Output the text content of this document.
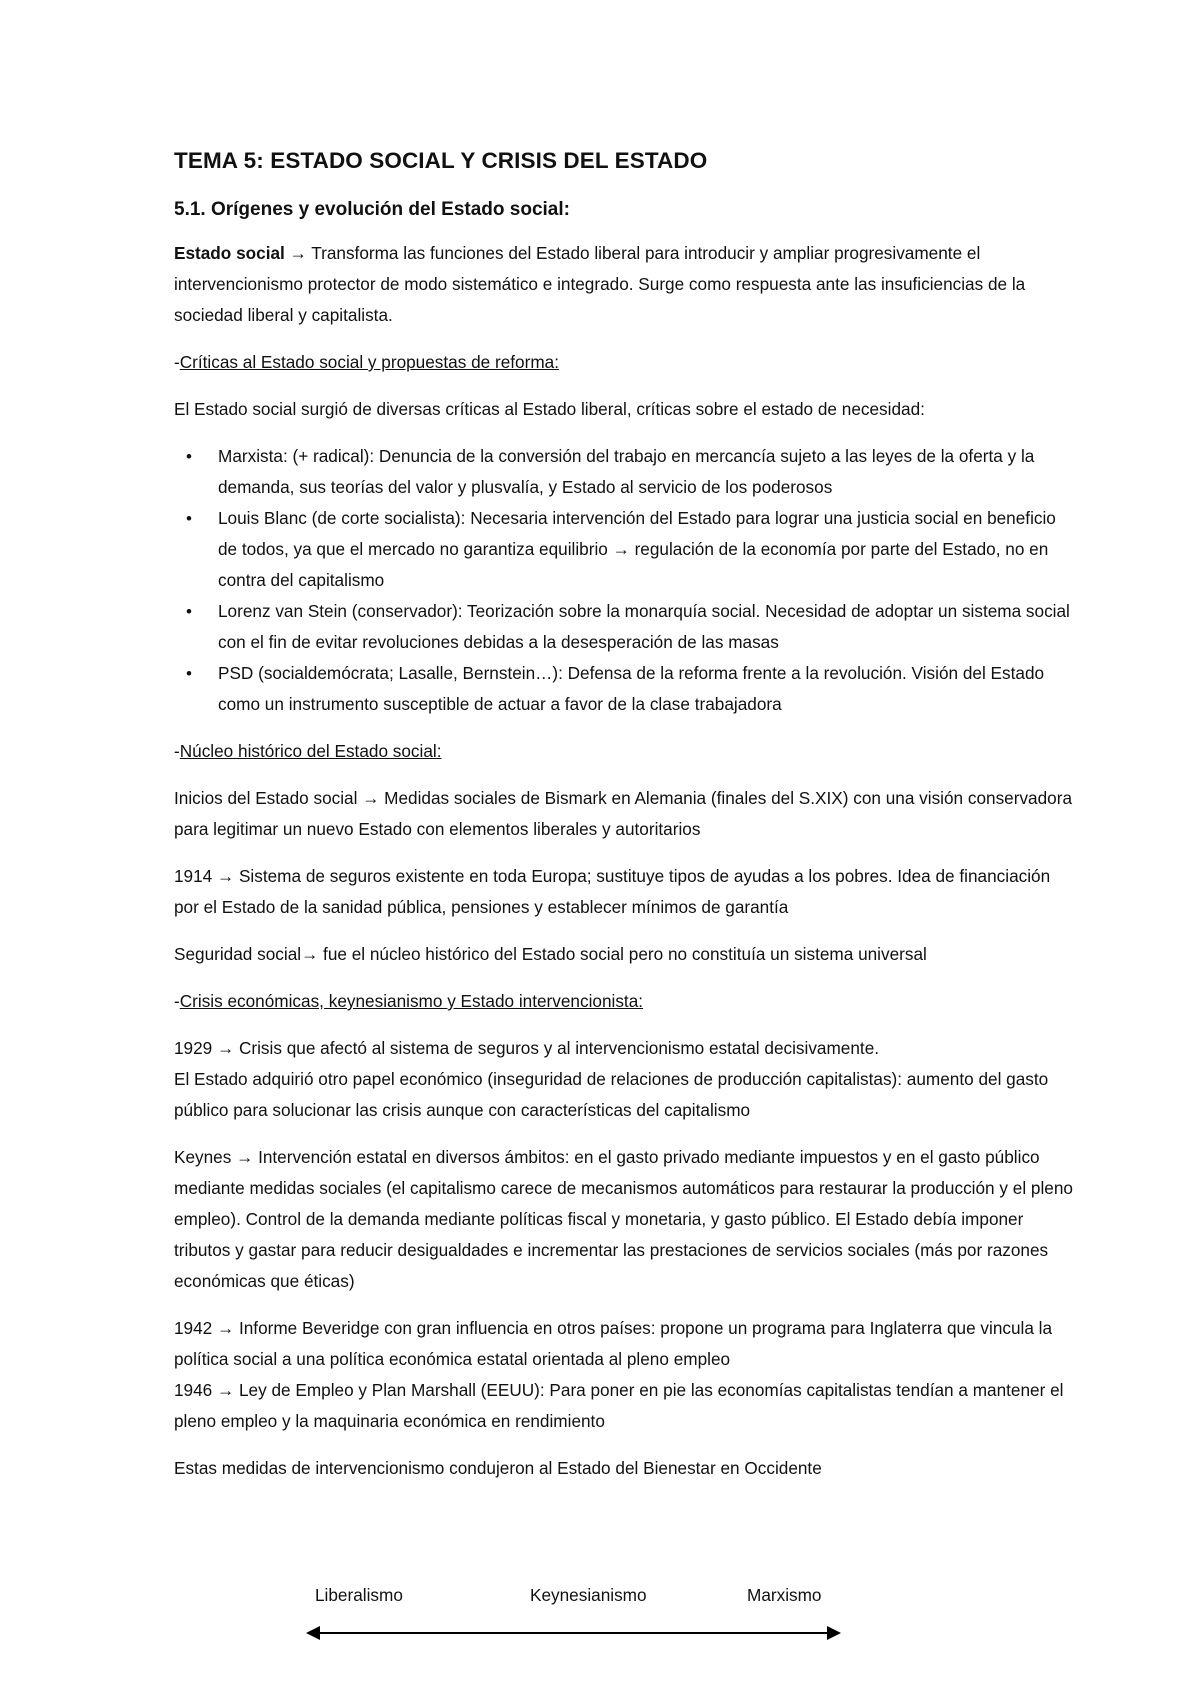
TEMA 5: ESTADO SOCIAL Y CRISIS DEL ESTADO
5.1. Orígenes y evolución del Estado social:

Estado social → Transforma las funciones del Estado liberal para introducir y ampliar progresivamente el intervencionismo protector de modo sistemático e integrado. Surge como respuesta ante las insuficiencias de la sociedad liberal y capitalista.

-Críticas al Estado social y propuestas de reforma:

El Estado social surgió de diversas críticas al Estado liberal, críticas sobre el estado de necesidad:

• Marxista: (+ radical): Denuncia de la conversión del trabajo en mercancía sujeto a las leyes de la oferta y la demanda, sus teorías del valor y plusvalía, y Estado al servicio de los poderosos
• Louis Blanc (de corte socialista): Necesaria intervención del Estado para lograr una justicia social en beneficio de todos, ya que el mercado no garantiza equilibrio → regulación de la economía por parte del Estado, no en contra del capitalismo
• Lorenz van Stein (conservador): Teorización sobre la monarquía social. Necesidad de adoptar un sistema social con el fin de evitar revoluciones debidas a la desesperación de las masas
• PSD (socialdemócrata; Lasalle, Bernstein…): Defensa de la reforma frente a la revolución. Visión del Estado como un instrumento susceptible de actuar a favor de la clase trabajadora

-Núcleo histórico del Estado social:

Inicios del Estado social → Medidas sociales de Bismark en Alemania (finales del S.XIX) con una visión conservadora para legitimar un nuevo Estado con elementos liberales y autoritarios

1914 → Sistema de seguros existente en toda Europa; sustituye tipos de ayudas a los pobres. Idea de financiación por el Estado de la sanidad pública, pensiones y establecer mínimos de garantía

Seguridad social→ fue el núcleo histórico del Estado social pero no constituía un sistema universal

-Crisis económicas, keynesianismo y Estado intervencionista:

1929 → Crisis que afectó al sistema de seguros y al intervencionismo estatal decisivamente.

El Estado adquirió otro papel económico (inseguridad de relaciones de producción capitalistas): aumento del gasto público para solucionar las crisis aunque con características del capitalismo

Keynes → Intervención estatal en diversos ámbitos: en el gasto privado mediante impuestos y en el gasto público mediante medidas sociales (el capitalismo carece de mecanismos automáticos para restaurar la producción y el pleno empleo). Control de la demanda mediante políticas fiscal y monetaria, y gasto público. El Estado debía imponer tributos y gastar para reducir desigualdades e incrementar las prestaciones de servicios sociales (más por razones económicas que éticas)

1942 → Informe Beveridge con gran influencia en otros países: propone un programa para Inglaterra que vincula la política social a una política económica estatal orientada al pleno empleo

1946 → Ley de Empleo y Plan Marshall (EEUU): Para poner en pie las economías capitalistas tendían a mantener el pleno empleo y la maquinaria económica en rendimiento

Estas medidas de intervencionismo condujeron al Estado del Bienestar en Occidente

Liberalismo	Keynesianismo	Marxismo
